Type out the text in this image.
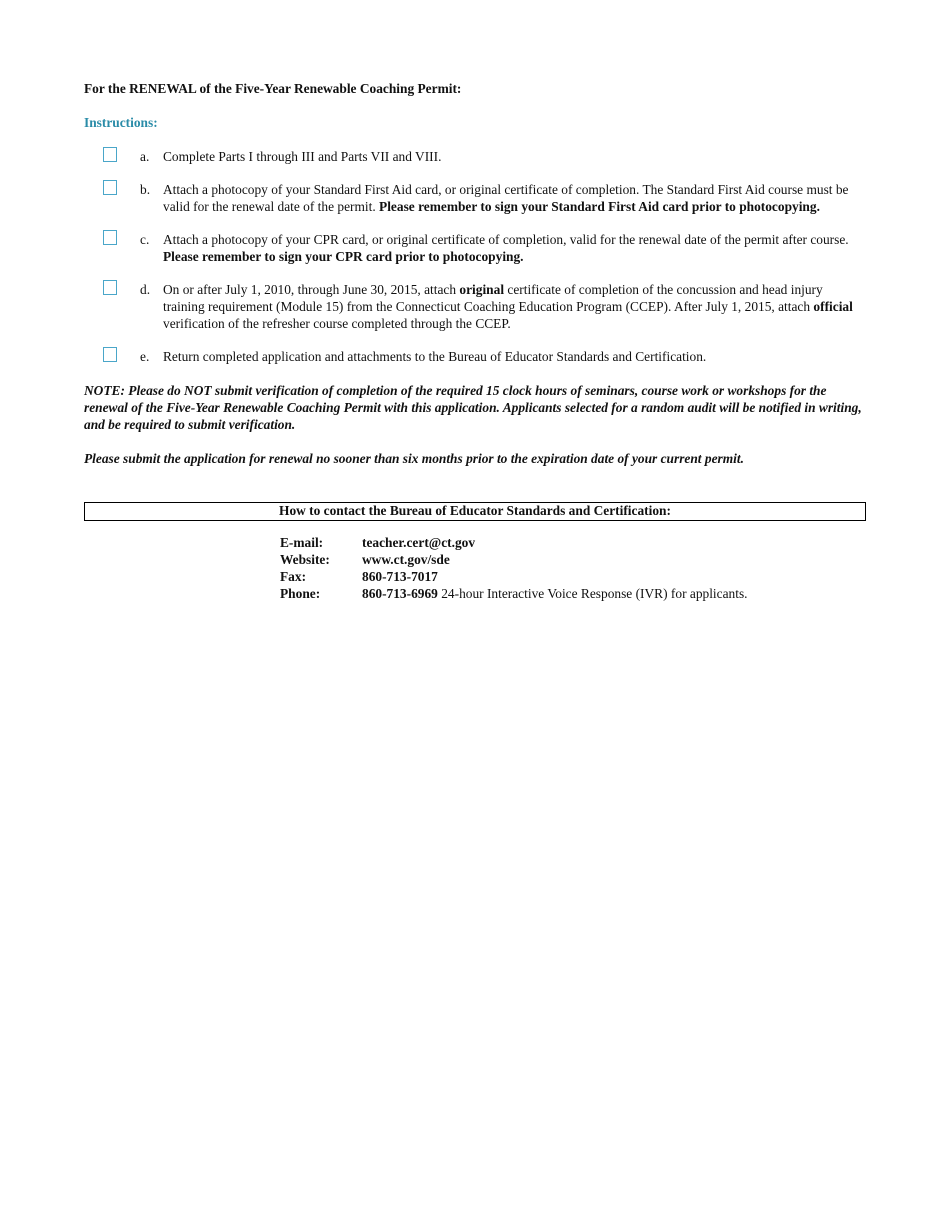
For the RENEWAL of the Five-Year Renewable Coaching Permit:

Instructions:
a. Complete Parts I through III and Parts VII and VIII.
b. Attach a photocopy of your Standard First Aid card, or original certificate of completion. The Standard First Aid course must be valid for the renewal date of the permit. Please remember to sign your Standard First Aid card prior to photocopying.
c. Attach a photocopy of your CPR card, or original certificate of completion, valid for the renewal date of the permit after course. Please remember to sign your CPR card prior to photocopying.
d. On or after July 1, 2010, through June 30, 2015, attach original certificate of completion of the concussion and head injury training requirement (Module 15) from the Connecticut Coaching Education Program (CCEP). After July 1, 2015, attach official verification of the refresher course completed through the CCEP.
e. Return completed application and attachments to the Bureau of Educator Standards and Certification.

NOTE: Please do NOT submit verification of completion of the required 15 clock hours of seminars, course work or workshops for the renewal of the Five-Year Renewable Coaching Permit with this application. Applicants selected for a random audit will be notified in writing, and be required to submit verification.

Please submit the application for renewal no sooner than six months prior to the expiration date of your current permit.

How to contact the Bureau of Educator Standards and Certification:
E-mail:	teacher.cert@ct.gov
Website:	www.ct.gov/sde
Fax:	860-713-7017
Phone:	860-713-6969 24-hour Interactive Voice Response (IVR) for applicants.
